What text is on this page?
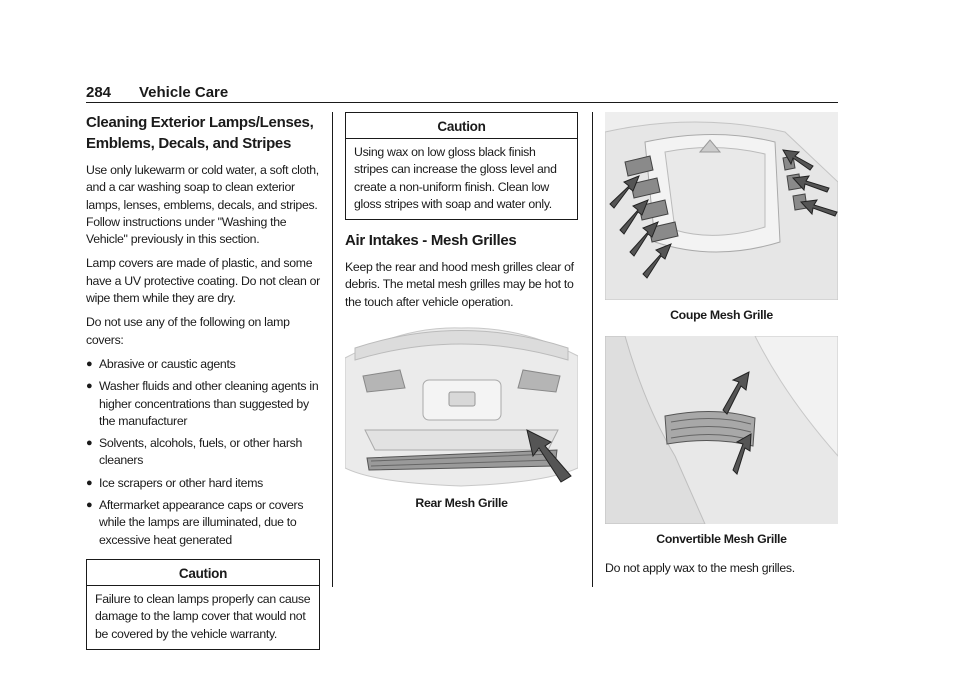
284 Vehicle Care
Cleaning Exterior Lamps/Lenses, Emblems, Decals, and Stripes

Use only lukewarm or cold water, a soft cloth, and a car washing soap to clean exterior lamps, lenses, emblems, decals, and stripes. Follow instructions under "Washing the Vehicle" previously in this section.

Lamp covers are made of plastic, and some have a UV protective coating. Do not clean or wipe them while they are dry.

Do not use any of the following on lamp covers:

● Abrasive or caustic agents
● Washer fluids and other cleaning agents in higher concentrations than suggested by the manufacturer
● Solvents, alcohols, fuels, or other harsh cleaners
● Ice scrapers or other hard items
● Aftermarket appearance caps or covers while the lamps are illuminated, due to excessive heat generated
Caution
Failure to clean lamps properly can cause damage to the lamp cover that would not be covered by the vehicle warranty.
Caution
Using wax on low gloss black finish stripes can increase the gloss level and create a non-uniform finish. Clean low gloss stripes with soap and water only.
Air Intakes - Mesh Grilles

Keep the rear and hood mesh grilles clear of debris. The metal mesh grilles may be hot to the touch after vehicle operation.

Rear Mesh Grille
Coupe Mesh Grille
Convertible Mesh Grille

Do not apply wax to the mesh grilles.
